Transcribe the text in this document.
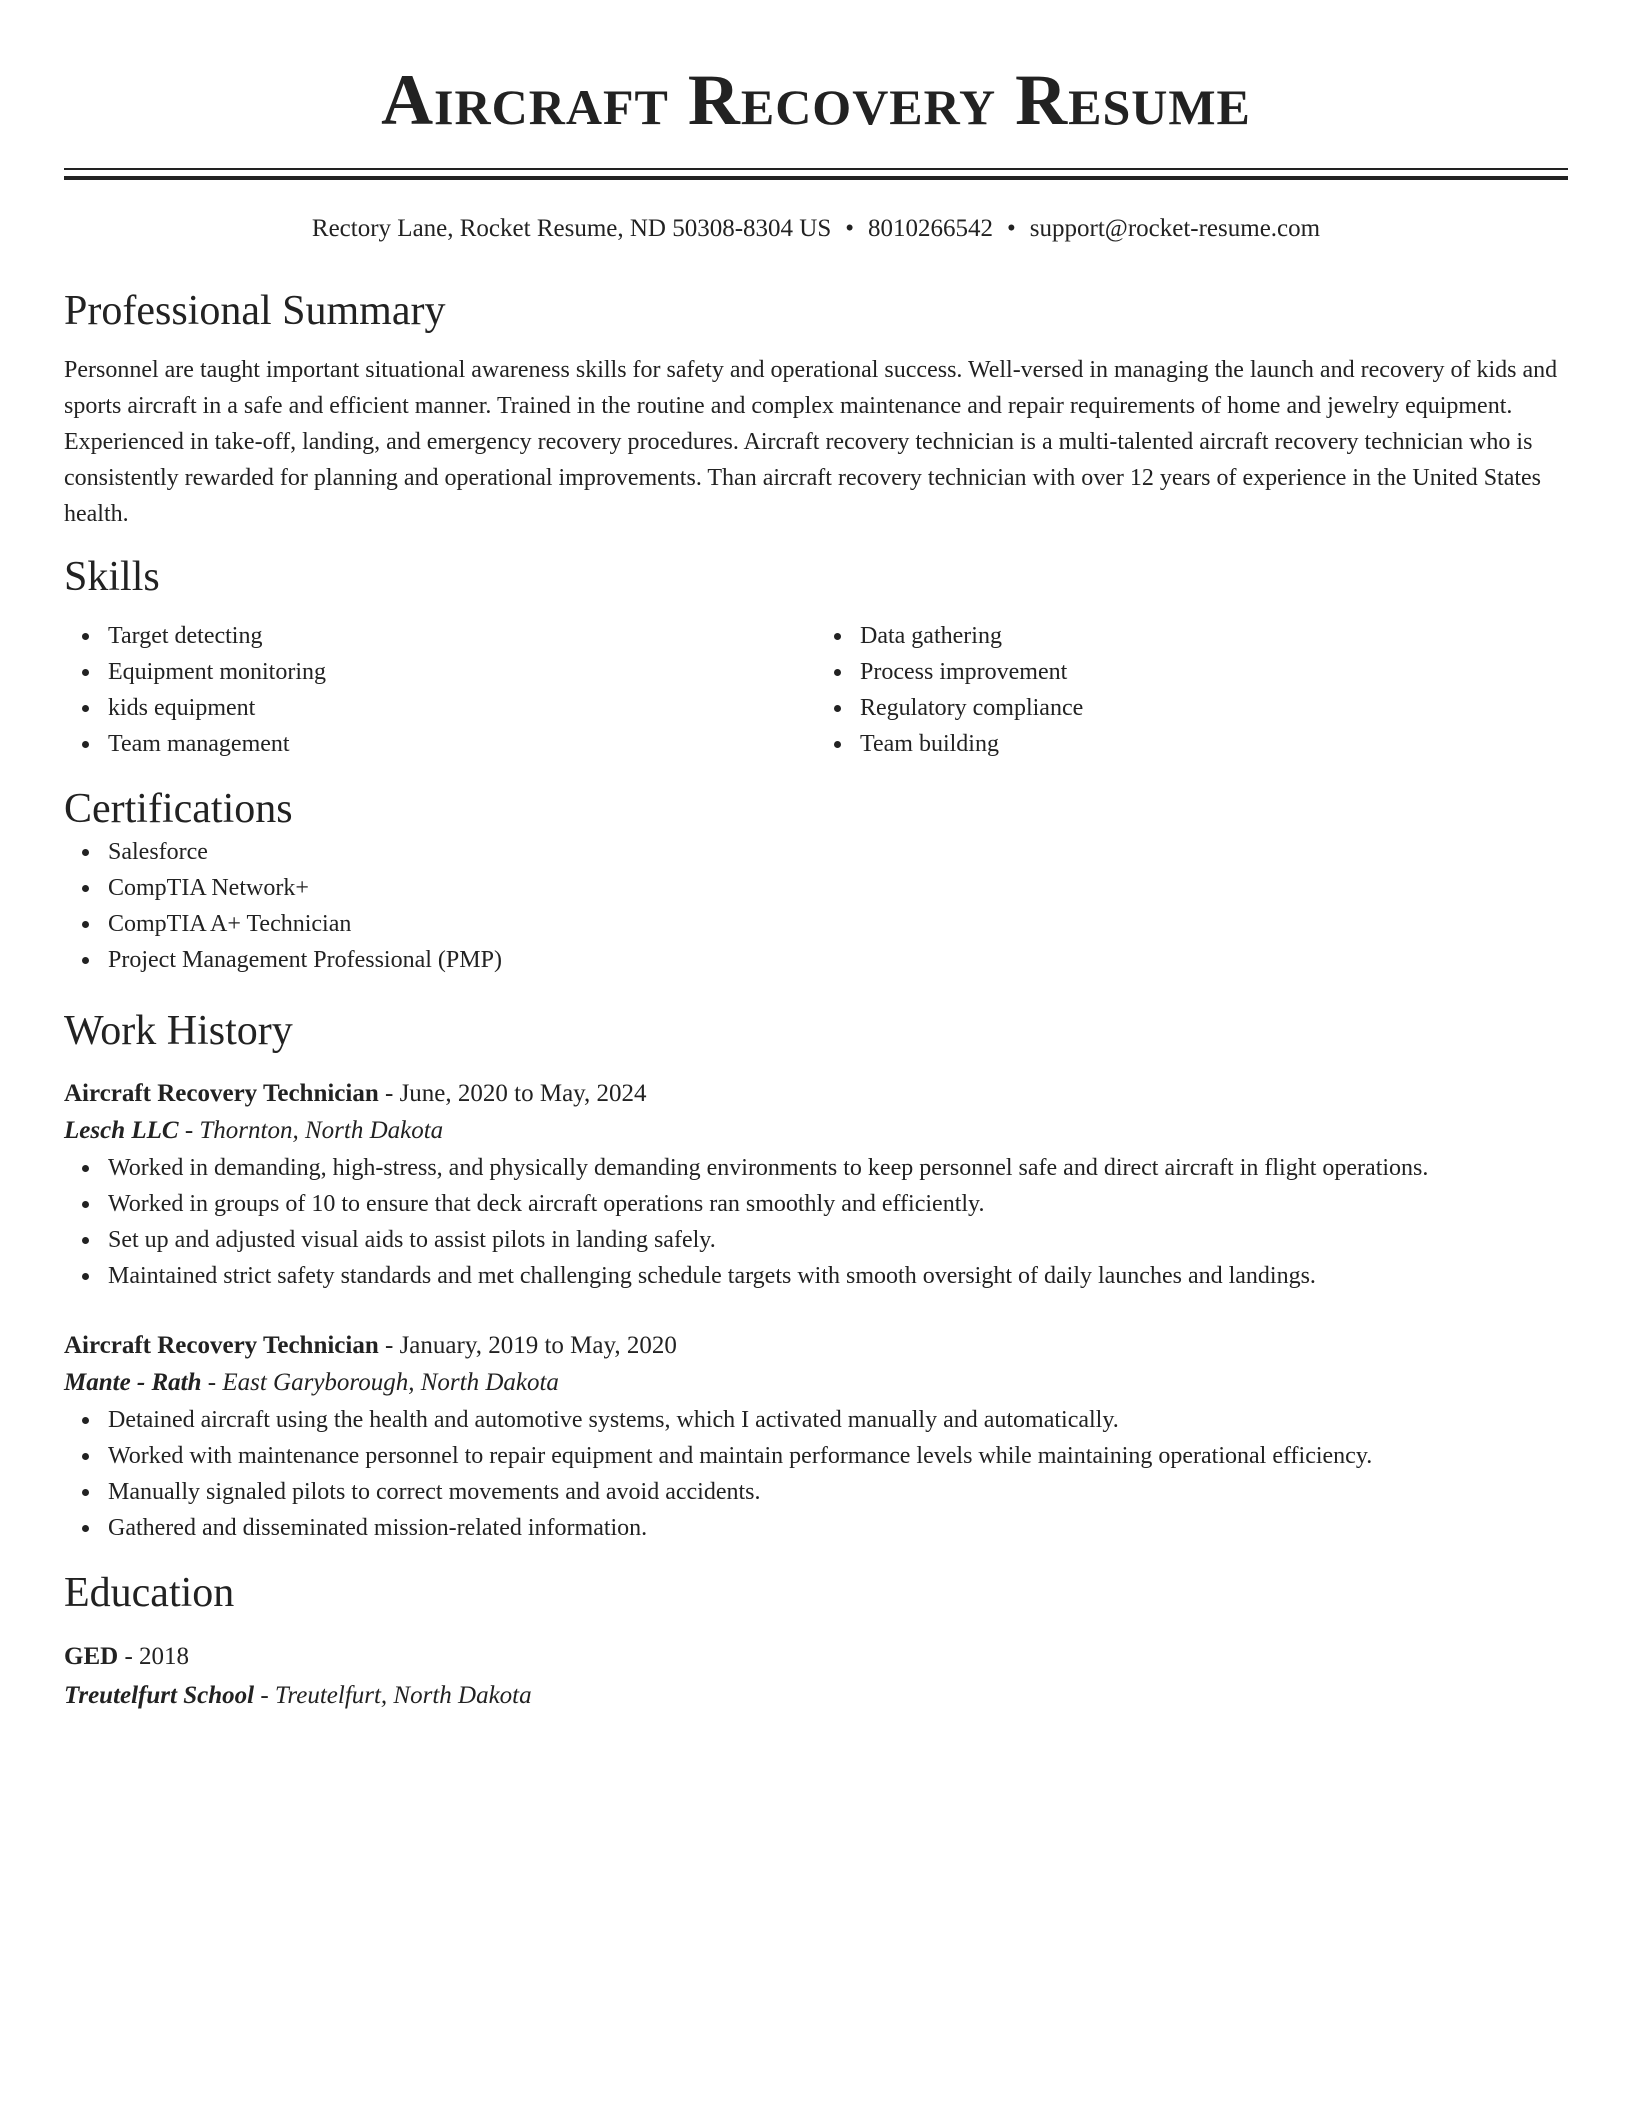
Aircraft Recovery Resume
Rectory Lane, Rocket Resume, ND 50308-8304 US • 8010266542 • support@rocket-resume.com
Professional Summary
Personnel are taught important situational awareness skills for safety and operational success. Well-versed in managing the launch and recovery of kids and sports aircraft in a safe and efficient manner. Trained in the routine and complex maintenance and repair requirements of home and jewelry equipment. Experienced in take-off, landing, and emergency recovery procedures. Aircraft recovery technician is a multi-talented aircraft recovery technician who is consistently rewarded for planning and operational improvements. Than aircraft recovery technician with over 12 years of experience in the United States health.
Skills
Target detecting
Equipment monitoring
kids equipment
Team management
Data gathering
Process improvement
Regulatory compliance
Team building
Certifications
Salesforce
CompTIA Network+
CompTIA A+ Technician
Project Management Professional (PMP)
Work History
Aircraft Recovery Technician - June, 2020 to May, 2024
Lesch LLC - Thornton, North Dakota
Worked in demanding, high-stress, and physically demanding environments to keep personnel safe and direct aircraft in flight operations.
Worked in groups of 10 to ensure that deck aircraft operations ran smoothly and efficiently.
Set up and adjusted visual aids to assist pilots in landing safely.
Maintained strict safety standards and met challenging schedule targets with smooth oversight of daily launches and landings.
Aircraft Recovery Technician - January, 2019 to May, 2020
Mante - Rath - East Garyborough, North Dakota
Detained aircraft using the health and automotive systems, which I activated manually and automatically.
Worked with maintenance personnel to repair equipment and maintain performance levels while maintaining operational efficiency.
Manually signaled pilots to correct movements and avoid accidents.
Gathered and disseminated mission-related information.
Education
GED - 2018
Treutelfurt School - Treutelfurt, North Dakota
